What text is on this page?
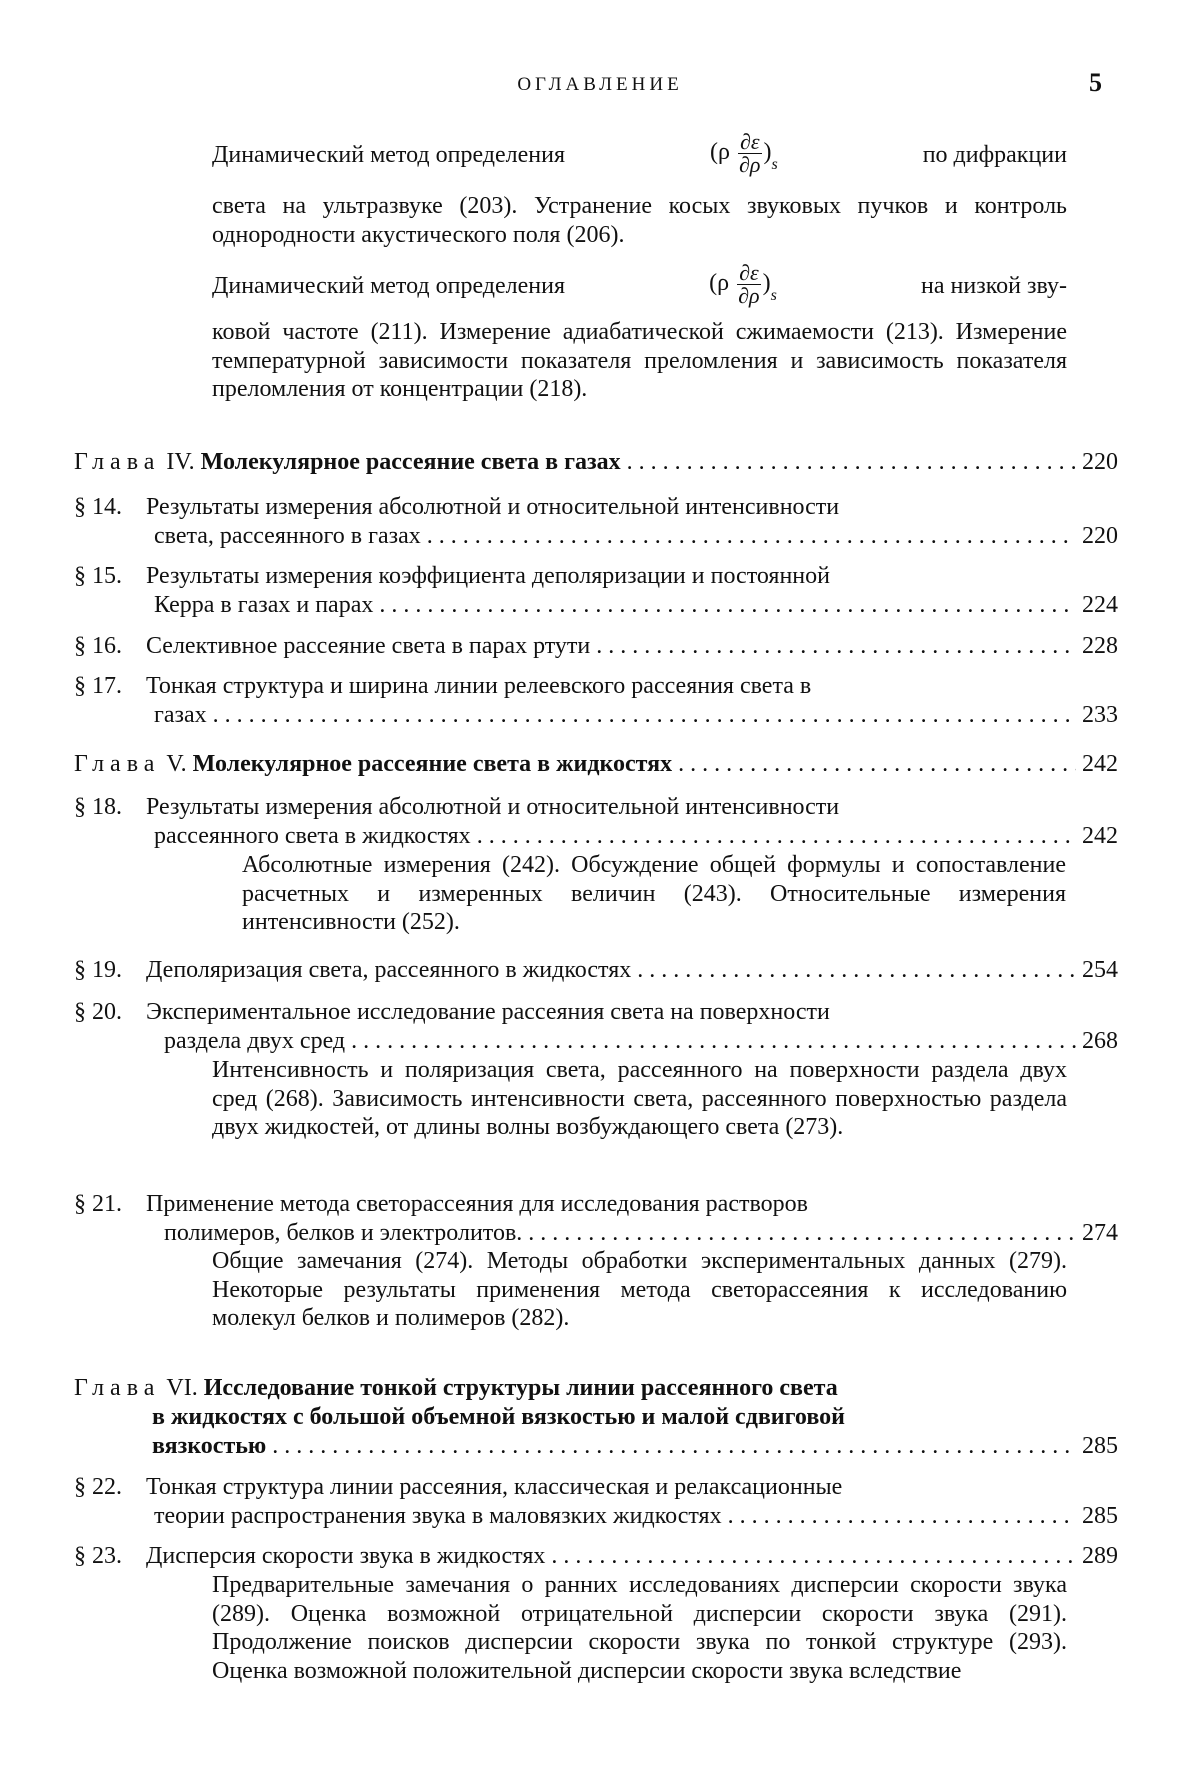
ОГЛАВЛЕНИЕ	5
Динамический метод определения	(ρ ∂ε
∂ρ )s	по дифракции
света на ультразвуке (203). Устранение косых звуковых пучков и контроль однородности акустического поля (206).
Динамический метод определения	(ρ ∂ε
∂ρ )s	на низкой зву-
ковой частоте (211). Измерение адиабатической сжимаемости (213). Измерение температурной зависимости показателя преломления и зависимость показателя преломления от концентрации (218).
Глава IV. Молекулярное рассеяние света в газах
. . .	220
§ 14. Результаты измерения абсолютной и относительной интенсивности
света, рассеянного в газах
. . .	220
§ 15. Результаты измерения коэффициента деполяризации и постоянной
Керра в газах и парах
. . .	224
§ 16. Селективное рассеяние света в парах ртути
. . .	228
§ 17. Тонкая структура и ширина линии релеевского рассеяния света в
газах
. . .	233
Глава V. Молекулярное рассеяние света в жидкостях
. . .	242
§ 18. Результаты измерения абсолютной и относительной интенсивности
рассеянного света в жидкостях
. . .	242
Абсолютные измерения (242). Обсуждение общей формулы и сопоставление расчетных и измеренных величин (243). Относительные измерения интенсивности (252).
§ 19. Деполяризация света, рассеянного в жидкостях
. . .	254
§ 20. Экспериментальное исследование рассеяния света на поверхности
раздела двух сред
. . .	268
Интенсивность и поляризация света, рассеянного на поверхности раздела двух сред (268). Зависимость интенсивности света, рассеянного поверхностью раздела двух жидкостей, от длины волны возбуждающего света (273).
§ 21. Применение метода светорассеяния для исследования растворов
полимеров, белков и электролитов.
. . .	274
Общие замечания (274). Методы обработки экспериментальных данных (279). Некоторые результаты применения метода светорассеяния к исследованию молекул белков и полимеров (282).
Глава VI. Исследование тонкой структуры линии рассеянного света
в жидкостях с большой объемной вязкостью и малой сдвиговой
вязкостью
. . .	285
§ 22. Тонкая структура линии рассеяния, классическая и релаксационные
теории распространения звука в маловязких жидкостях
. . .	285
§ 23. Дисперсия скорости звука в жидкостях
. . .	289
Предварительные замечания о ранних исследованиях дисперсии скорости звука (289). Оценка возможной отрицательной дисперсии скорости звука (291). Продолжение поисков дисперсии скорости звука по тонкой структуре (293). Оценка возможной положительной дисперсии скорости звука вследствие
